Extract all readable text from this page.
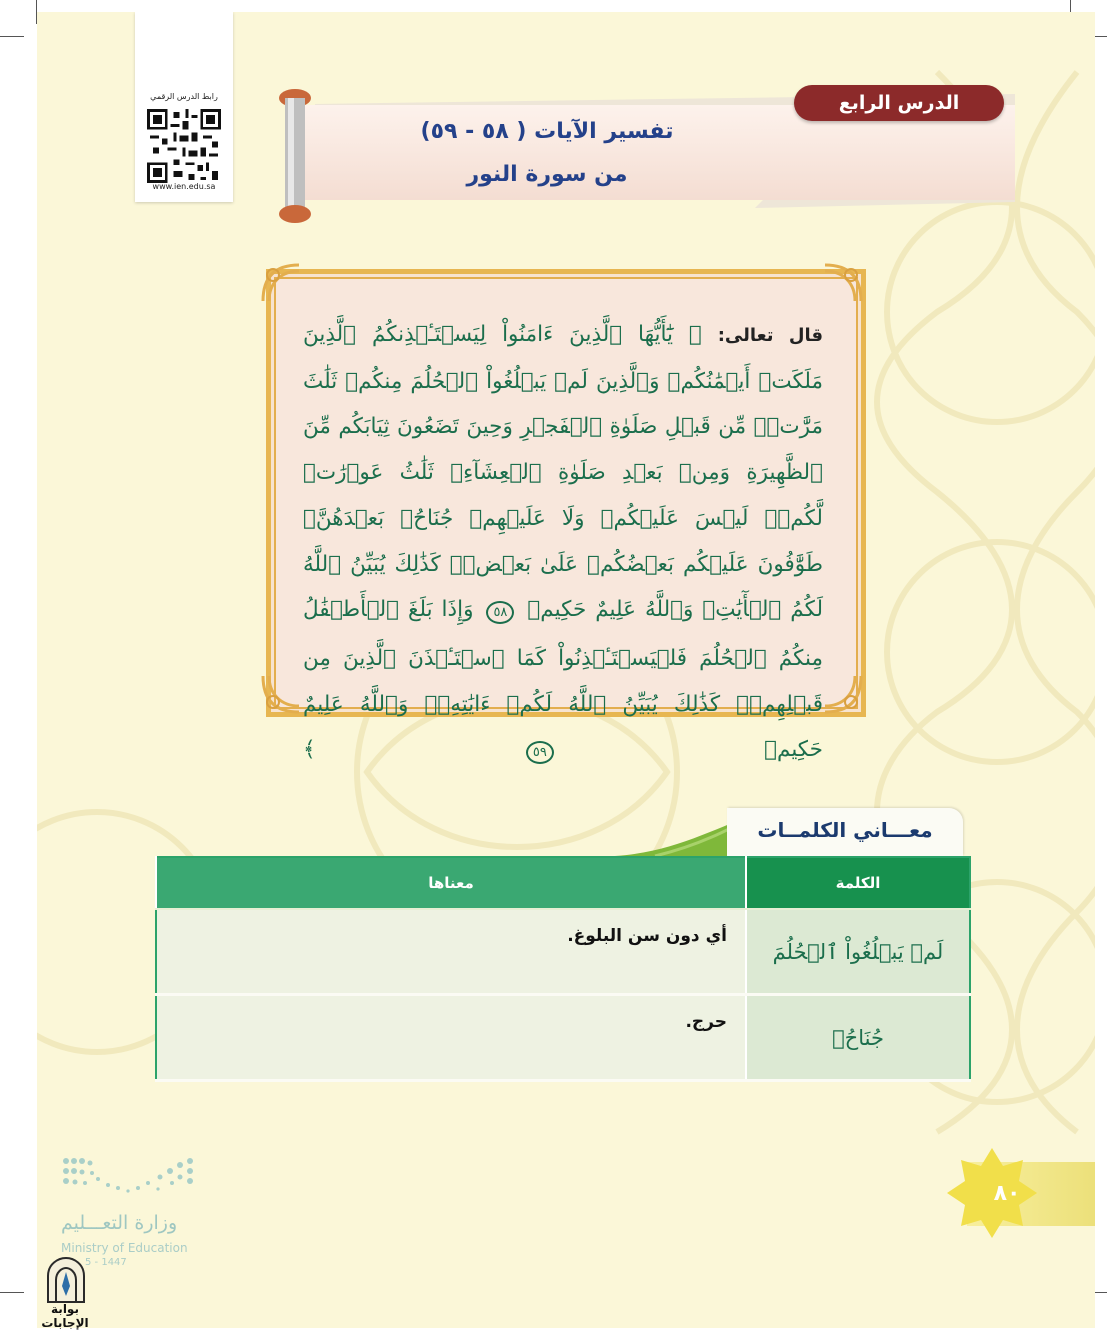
رابط الدرس الرقمي
www.ien.edu.sa
تفسير الآيات ( ٥٨ - ٥٩)
من سورة النور
الدرس الرابع
قال تعالى: ﴿ يَٰٓأَيُّهَا ٱلَّذِينَ ءَامَنُواْ لِيَسۡتَـٔۡذِنكُمُ ٱلَّذِينَ مَلَكَتۡ أَيۡمَٰنُكُمۡ وَٱلَّذِينَ لَمۡ يَبۡلُغُواْ ٱلۡحُلُمَ مِنكُمۡ ثَلَٰثَ مَرَّٰتٖۚ مِّن قَبۡلِ صَلَوٰةِ ٱلۡفَجۡرِ وَحِينَ تَضَعُونَ ثِيَابَكُم مِّنَ ٱلظَّهِيرَةِ وَمِنۢ بَعۡدِ صَلَوٰةِ ٱلۡعِشَآءِۚ ثَلَٰثُ عَوۡرَٰتٖ لَّكُمۡۚ لَيۡسَ عَلَيۡكُمۡ وَلَا عَلَيۡهِمۡ جُنَاحُۢ بَعۡدَهُنَّۚ طَوَّٰفُونَ عَلَيۡكُم بَعۡضُكُمۡ عَلَىٰ بَعۡضٖۚ كَذَٰلِكَ يُبَيِّنُ ٱللَّهُ لَكُمُ ٱلۡأٓيَٰتِۗ وَٱللَّهُ عَلِيمٌ حَكِيمٞ ٥٨ وَإِذَا بَلَغَ ٱلۡأَطۡفَٰلُ مِنكُمُ ٱلۡحُلُمَ فَلۡيَسۡتَـٔۡذِنُواْ كَمَا ٱسۡتَـٔۡذَنَ ٱلَّذِينَ مِن قَبۡلِهِمۡۚ كَذَٰلِكَ يُبَيِّنُ ٱللَّهُ لَكُمۡ ءَايَٰتِهِۦۗ وَٱللَّهُ عَلِيمٌ حَكِيمٞ ٥٩ ﴾
معـــاني الكلمــات
الكلمة	معناها
لَمۡ يَبۡلُغُواْ ٱلۡحُلُمَ	أي دون سن البلوغ.
جُنَاحُۢ	حرج.
٨٠
وزارة التعـــليم
Ministry of Education
5 - 1447
بوابة الإجابات
